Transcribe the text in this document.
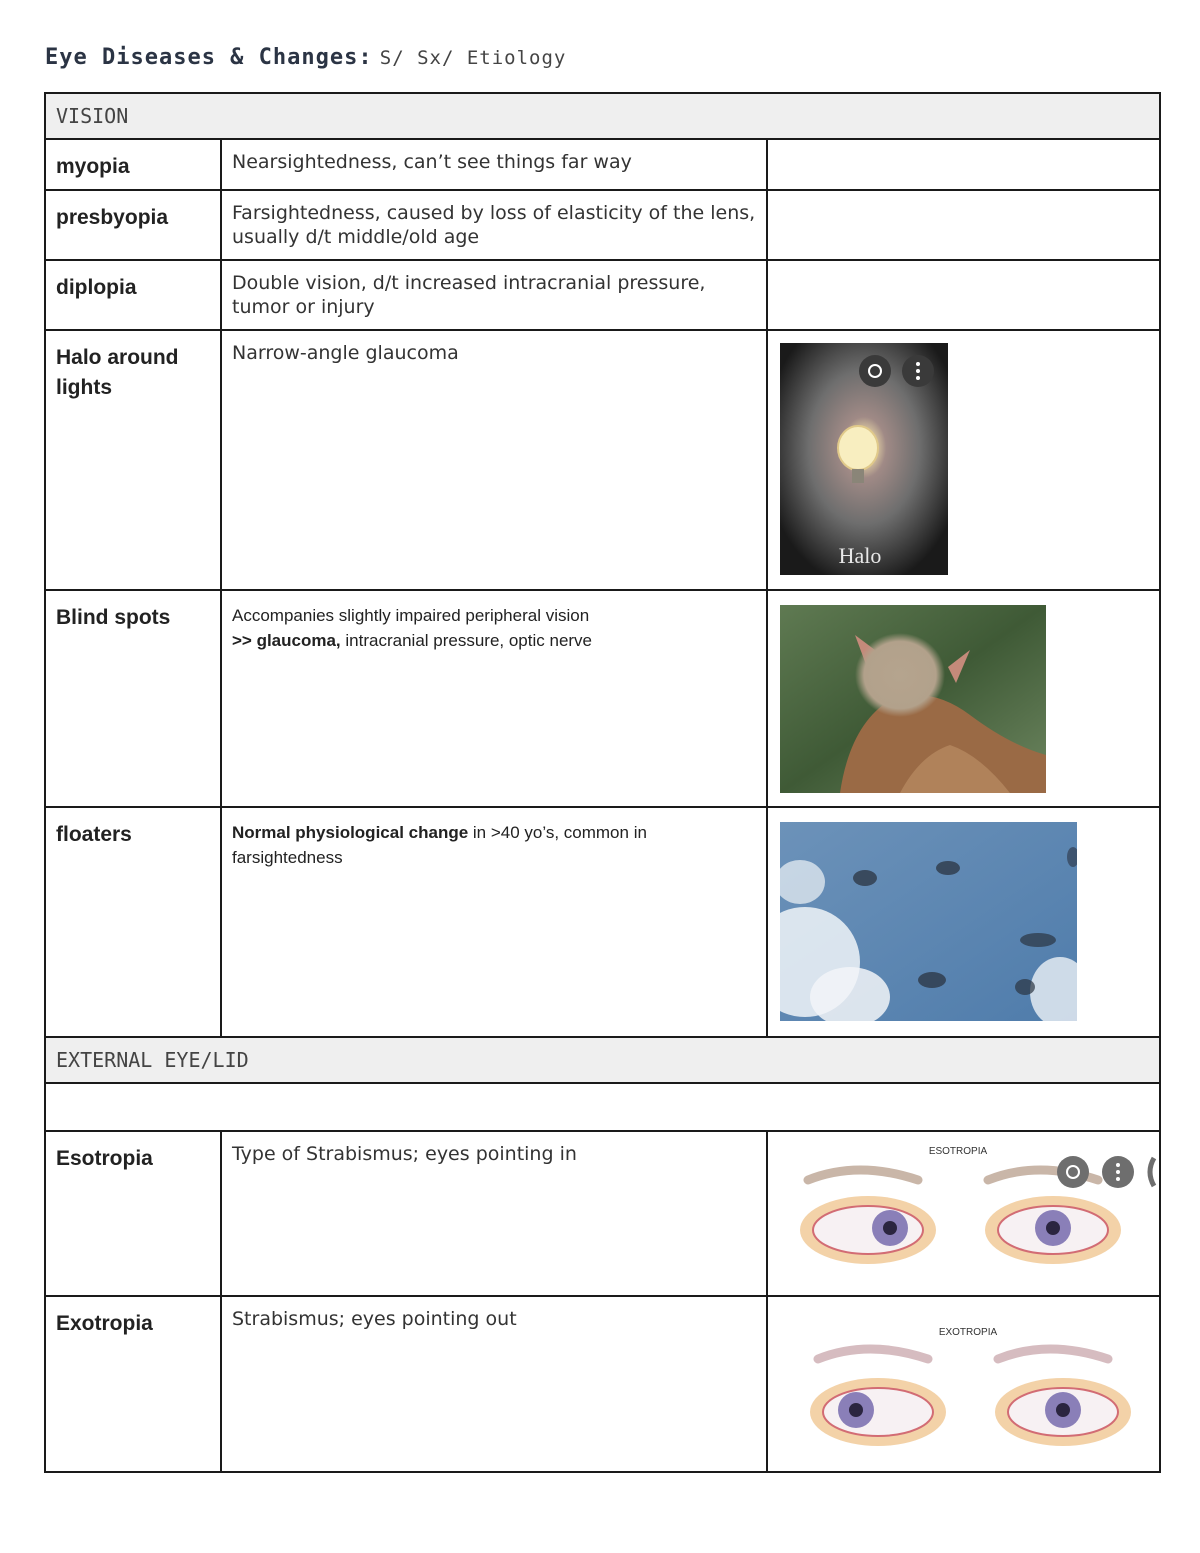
Eye Diseases & Changes: S/ Sx/ Etiology
VISION		

myopia	Nearsightedness, can’t see things far way	

presbyopia	Farsightedness, caused by loss of elasticity of the lens, usually d/t middle/old age	

diplopia	Double vision, d/t increased intracranial pressure, tumor or injury	

Halo around lights	Narrow-angle glaucoma	Halo

Blind spots	Accompanies slightly impaired peripheral vision
>> glaucoma, intracranial pressure, optic nerve

floaters	Normal physiological change in >40 yo’s, common in farsightedness

EXTERNAL EYE/LID		

Esotropia	Type of Strabismus; eyes pointing in	ESOTROPIA

Exotropia	Strabismus; eyes pointing out	EXOTROPIA
